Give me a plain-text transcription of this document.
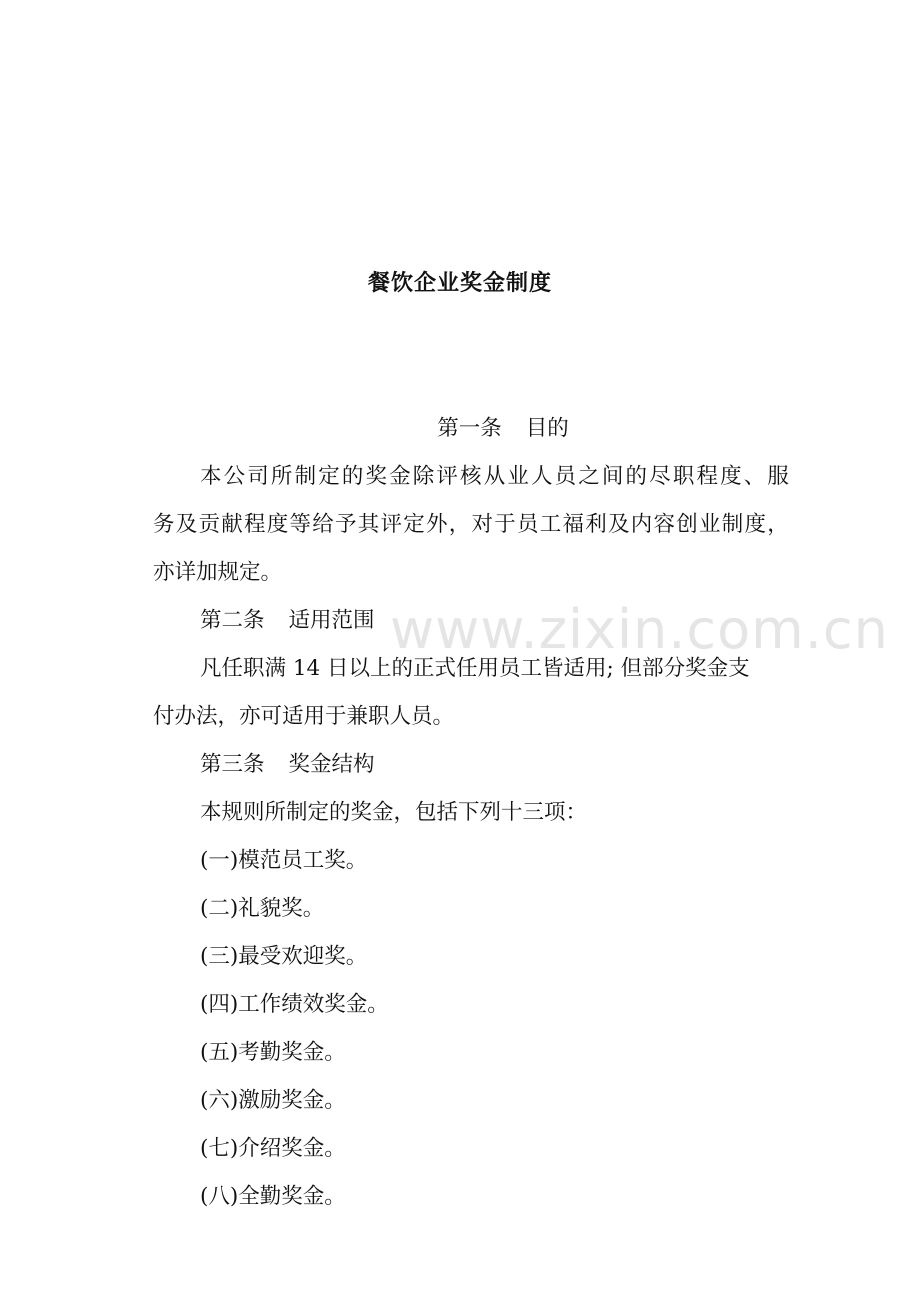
www.zixin.com.cn
餐饮企业奖金制度
第一条 目的
本 公 司 所 制 定 的 奖 金 除 评 核 从 业 人 员 之 间 的 尽 职 程 度 、 服
务 及 贡 献 程 度 等 给 予 其 评 定 外 ， 对 于 员 工 福 利 及 内 容 创 业 制 度 ，
亦详加规定。
第二条 适用范围
凡任职满 14 日以上的正式任用员工皆适用; 但部分奖金支
付办法，亦可适用于兼职人员。
第三条 奖金结构
本规则所制定的奖金，包括下列十三项：
(一)模范员工奖。
(二)礼貌奖。
(三)最受欢迎奖。
(四)工作绩效奖金。
(五)考勤奖金。
(六)激励奖金。
(七)介绍奖金。
(八)全勤奖金。
